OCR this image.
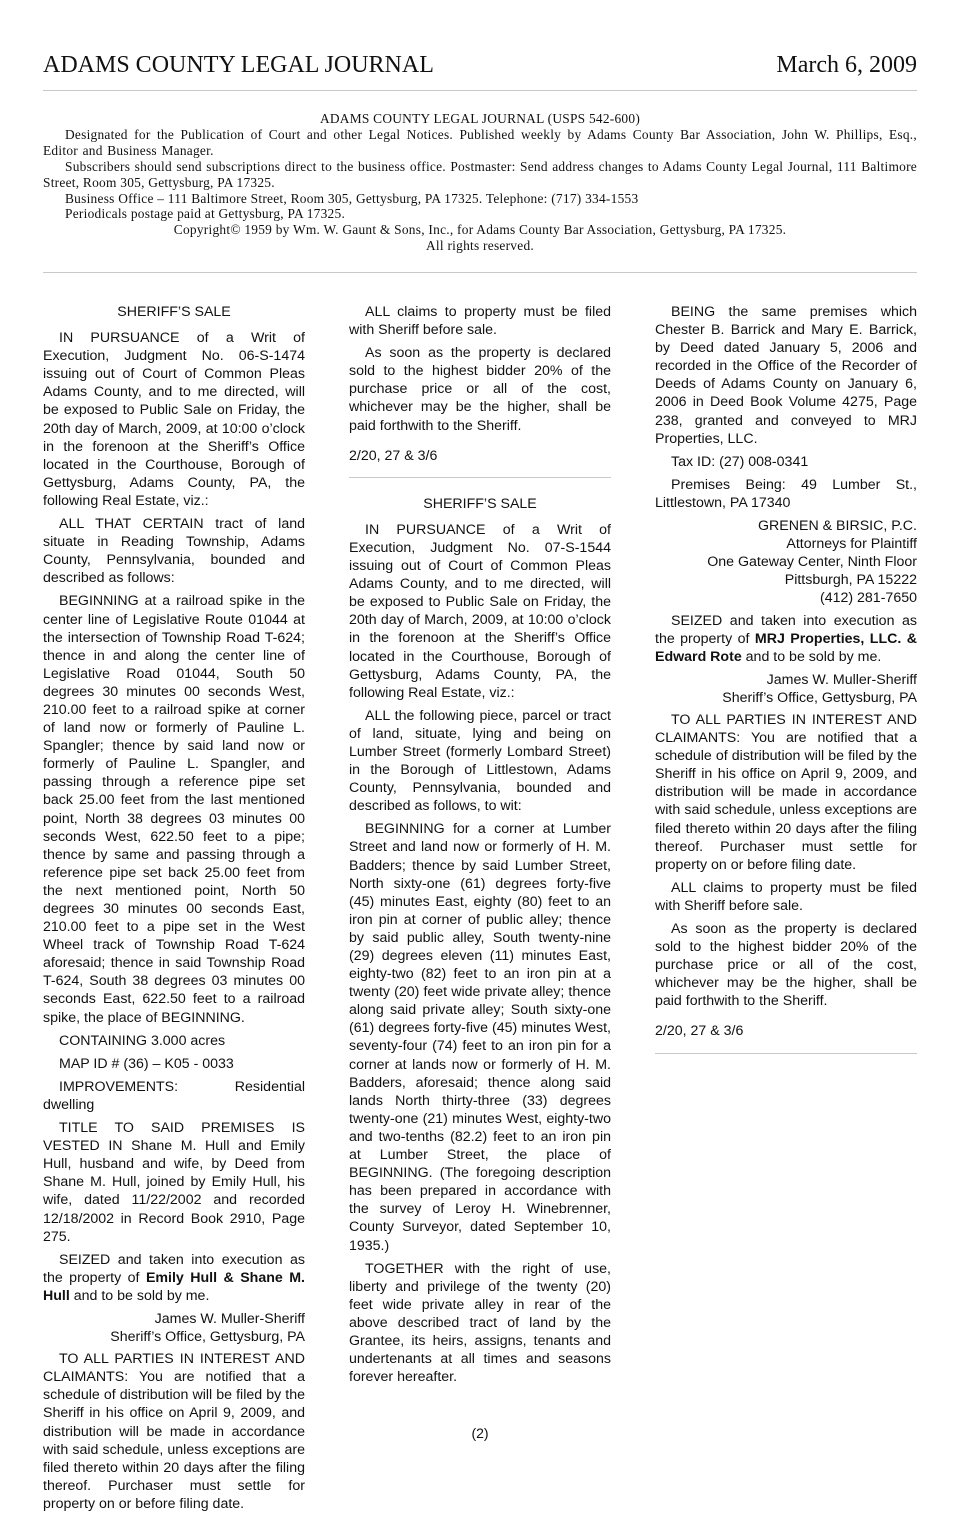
ADAMS COUNTY LEGAL JOURNAL	March 6, 2009

ADAMS COUNTY LEGAL JOURNAL (USPS 542-600)

Designated for the Publication of Court and other Legal Notices. Published weekly by Adams County Bar Association, John W. Phillips, Esq., Editor and Business Manager.

Subscribers should send subscriptions direct to the business office. Postmaster: Send address changes to Adams County Legal Journal, 111 Baltimore Street, Room 305, Gettysburg, PA 17325.

Business Office – 111 Baltimore Street, Room 305, Gettysburg, PA 17325. Telephone: (717) 334-1553

Periodicals postage paid at Gettysburg, PA 17325.

Copyright© 1959 by Wm. W. Gaunt & Sons, Inc., for Adams County Bar Association, Gettysburg, PA 17325.

All rights reserved.

SHERIFF’S SALE

IN PURSUANCE of a Writ of Execution, Judgment No. 06-S-1474 issuing out of Court of Common Pleas Adams County, and to me directed, will be exposed to Public Sale on Friday, the 20th day of March, 2009, at 10:00 o’clock in the forenoon at the Sheriff’s Office located in the Courthouse, Borough of Gettysburg, Adams County, PA, the following Real Estate, viz.:

ALL THAT CERTAIN tract of land situate in Reading Township, Adams County, Pennsylvania, bounded and described as follows:

BEGINNING at a railroad spike in the center line of Legislative Route 01044 at the intersection of Township Road T-624; thence in and along the center line of Legislative Road 01044, South 50 degrees 30 minutes 00 seconds West, 210.00 feet to a railroad spike at corner of land now or formerly of Pauline L. Spangler; thence by said land now or formerly of Pauline L. Spangler, and passing through a reference pipe set back 25.00 feet from the last mentioned point, North 38 degrees 03 minutes 00 seconds West, 622.50 feet to a pipe; thence by same and passing through a reference pipe set back 25.00 feet from the next mentioned point, North 50 degrees 30 minutes 00 seconds East, 210.00 feet to a pipe set in the West Wheel track of Township Road T-624 aforesaid; thence in said Township Road T-624, South 38 degrees 03 minutes 00 seconds East, 622.50 feet to a railroad spike, the place of BEGINNING.

CONTAINING 3.000 acres

MAP ID # (36) – K05 - 0033

IMPROVEMENTS: Residential dwelling

TITLE TO SAID PREMISES IS VESTED IN Shane M. Hull and Emily Hull, husband and wife, by Deed from Shane M. Hull, joined by Emily Hull, his wife, dated 11/22/2002 and recorded 12/18/2002 in Record Book 2910, Page 275.

SEIZED and taken into execution as the property of Emily Hull & Shane M. Hull and to be sold by me.

James W. Muller-Sheriff

Sheriff’s Office, Gettysburg, PA

TO ALL PARTIES IN INTEREST AND CLAIMANTS: You are notified that a schedule of distribution will be filed by the Sheriff in his office on April 9, 2009, and distribution will be made in accordance with said schedule, unless exceptions are filed thereto within 20 days after the filing thereof. Purchaser must settle for property on or before filing date.

ALL claims to property must be filed with Sheriff before sale.

As soon as the property is declared sold to the highest bidder 20% of the purchase price or all of the cost, whichever may be the higher, shall be paid forthwith to the Sheriff.

2/20, 27 & 3/6

SHERIFF’S SALE

IN PURSUANCE of a Writ of Execution, Judgment No. 07-S-1544 issuing out of Court of Common Pleas Adams County, and to me directed, will be exposed to Public Sale on Friday, the 20th day of March, 2009, at 10:00 o’clock in the forenoon at the Sheriff’s Office located in the Courthouse, Borough of Gettysburg, Adams County, PA, the following Real Estate, viz.:

ALL the following piece, parcel or tract of land, situate, lying and being on Lumber Street (formerly Lombard Street) in the Borough of Littlestown, Adams County, Pennsylvania, bounded and described as follows, to wit:

BEGINNING for a corner at Lumber Street and land now or formerly of H. M. Badders; thence by said Lumber Street, North sixty-one (61) degrees forty-five (45) minutes East, eighty (80) feet to an iron pin at corner of public alley; thence by said public alley, South twenty-nine (29) degrees eleven (11) minutes East, eighty-two (82) feet to an iron pin at a twenty (20) feet wide private alley; thence along said private alley; South sixty-one (61) degrees forty-five (45) minutes West, seventy-four (74) feet to an iron pin for a corner at lands now or formerly of H. M. Badders, aforesaid; thence along said lands North thirty-three (33) degrees twenty-one (21) minutes West, eighty-two and two-tenths (82.2) feet to an iron pin at Lumber Street, the place of BEGINNING. (The foregoing description has been prepared in accordance with the survey of Leroy H. Winebrenner, County Surveyor, dated September 10, 1935.)

TOGETHER with the right of use, liberty and privilege of the twenty (20) feet wide private alley in rear of the above described tract of land by the Grantee, its heirs, assigns, tenants and undertenants at all times and seasons forever hereafter.

BEING the same premises which Chester B. Barrick and Mary E. Barrick, by Deed dated January 5, 2006 and recorded in the Office of the Recorder of Deeds of Adams County on January 6, 2006 in Deed Book Volume 4275, Page 238, granted and conveyed to MRJ Properties, LLC.

Tax ID: (27) 008-0341

Premises Being: 49 Lumber St., Littlestown, PA 17340

GRENEN & BIRSIC, P.C.

Attorneys for Plaintiff

One Gateway Center, Ninth Floor

Pittsburgh, PA 15222

(412) 281-7650

SEIZED and taken into execution as the property of MRJ Properties, LLC. & Edward Rote and to be sold by me.

James W. Muller-Sheriff

Sheriff’s Office, Gettysburg, PA

TO ALL PARTIES IN INTEREST AND CLAIMANTS: You are notified that a schedule of distribution will be filed by the Sheriff in his office on April 9, 2009, and distribution will be made in accordance with said schedule, unless exceptions are filed thereto within 20 days after the filing thereof. Purchaser must settle for property on or before filing date.

ALL claims to property must be filed with Sheriff before sale.

As soon as the property is declared sold to the highest bidder 20% of the purchase price or all of the cost, whichever may be the higher, shall be paid forthwith to the Sheriff.

2/20, 27 & 3/6

(2)
